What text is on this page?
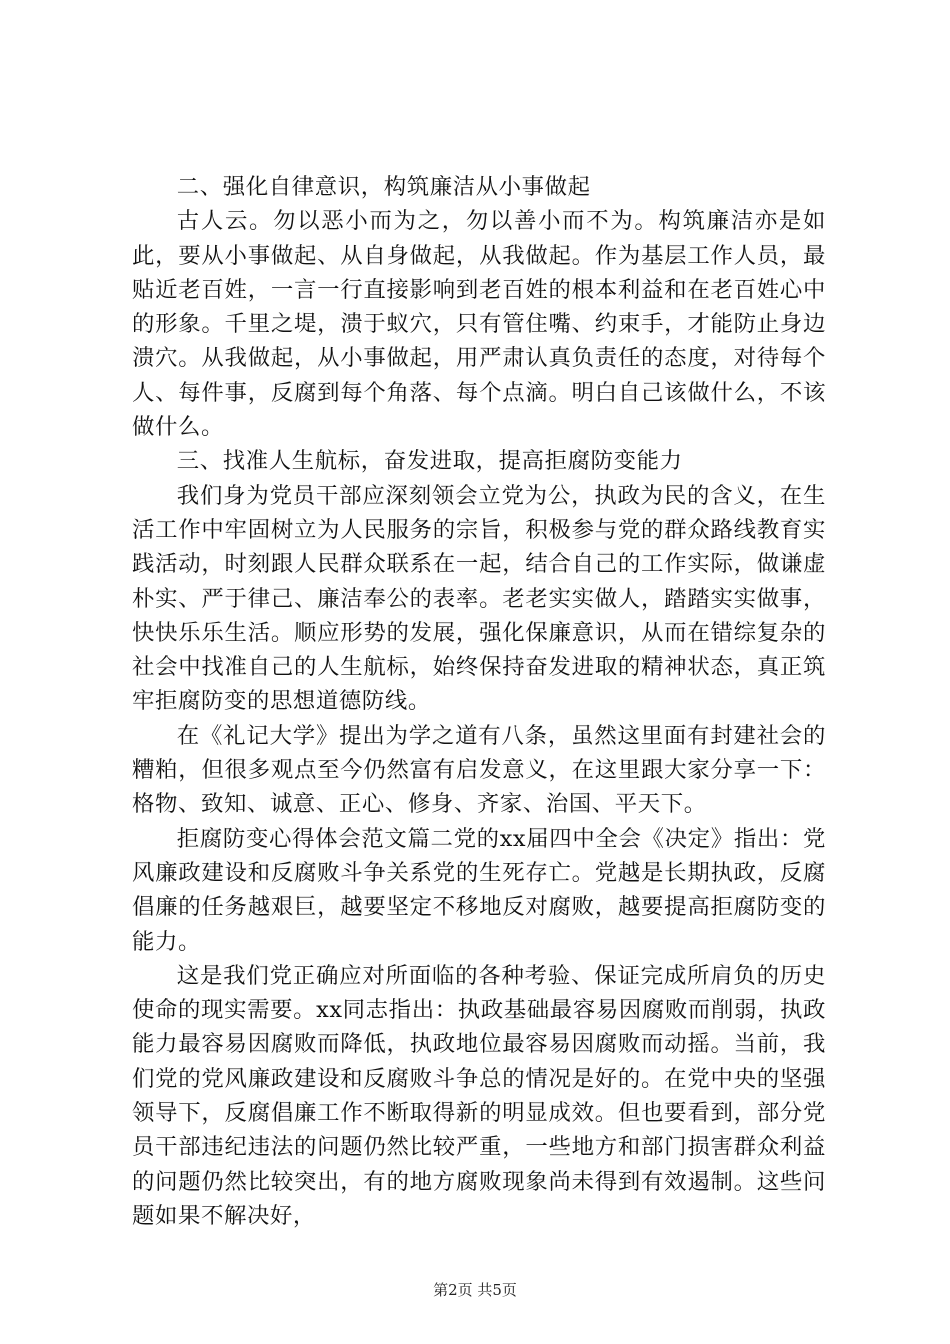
二、强化自律意识，构筑廉洁从小事做起

古人云。勿以恶小而为之，勿以善小而不为。构筑廉洁亦是如此，要从小事做起、从自身做起，从我做起。作为基层工作人员，最贴近老百姓，一言一行直接影响到老百姓的根本利益和在老百姓心中的形象。千里之堤，溃于蚁穴，只有管住嘴、约束手，才能防止身边溃穴。从我做起，从小事做起，用严肃认真负责任的态度，对待每个人、每件事，反腐到每个角落、每个点滴。明白自己该做什么，不该做什么。

三、找准人生航标，奋发进取，提高拒腐防变能力

我们身为党员干部应深刻领会立党为公，执政为民的含义，在生活工作中牢固树立为人民服务的宗旨，积极参与党的群众路线教育实践活动，时刻跟人民群众联系在一起，结合自己的工作实际，做谦虚朴实、严于律己、廉洁奉公的表率。老老实实做人，踏踏实实做事，快快乐乐生活。顺应形势的发展，强化保廉意识，从而在错综复杂的社会中找准自己的人生航标，始终保持奋发进取的精神状态，真正筑牢拒腐防变的思想道德防线。

在《礼记大学》提出为学之道有八条，虽然这里面有封建社会的糟粕，但很多观点至今仍然富有启发意义，在这里跟大家分享一下：格物、致知、诚意、正心、修身、齐家、治国、平天下。

拒腐防变心得体会范文篇二党的xx届四中全会《决定》指出：党风廉政建设和反腐败斗争关系党的生死存亡。党越是长期执政，反腐倡廉的任务越艰巨，越要坚定不移地反对腐败，越要提高拒腐防变的能力。

这是我们党正确应对所面临的各种考验、保证完成所肩负的历史使命的现实需要。xx同志指出：执政基础最容易因腐败而削弱，执政能力最容易因腐败而降低，执政地位最容易因腐败而动摇。当前，我们党的党风廉政建设和反腐败斗争总的情况是好的。在党中央的坚强领导下，反腐倡廉工作不断取得新的明显成效。但也要看到，部分党员干部违纪违法的问题仍然比较严重，一些地方和部门损害群众利益的问题仍然比较突出，有的地方腐败现象尚未得到有效遏制。这些问题如果不解决好，

第2页 共5页
